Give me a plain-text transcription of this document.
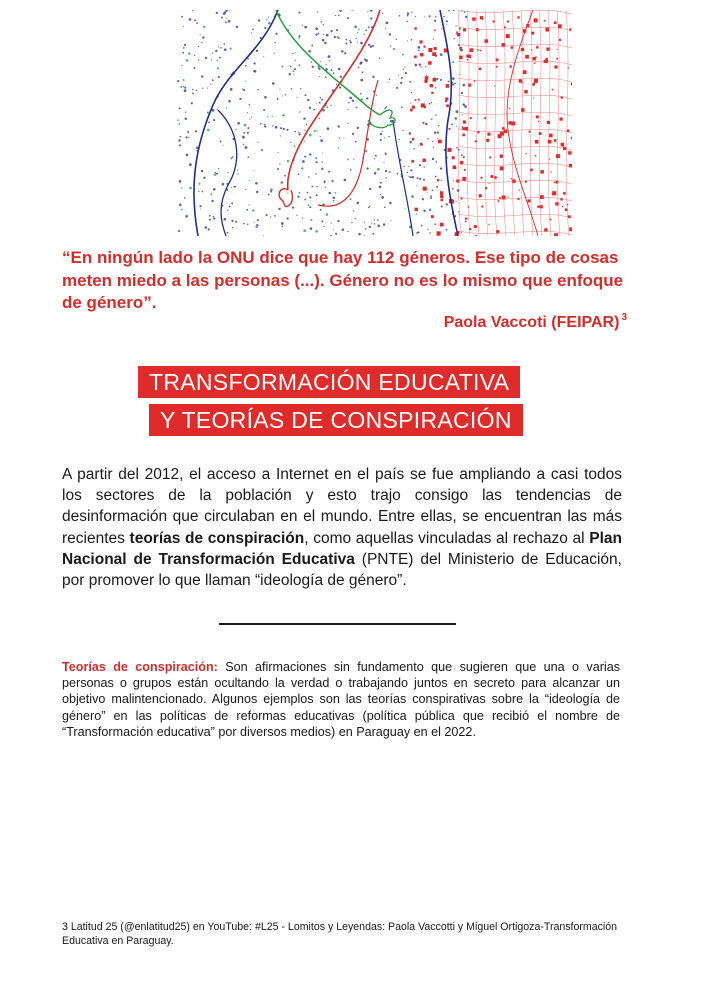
“En ningún lado la ONU dice que hay 112 géneros. Ese tipo de cosas meten miedo a las personas (...). Género no es lo mismo que enfoque de género”.
Paola Vaccoti (FEIPAR) $^3$
TRANSFORMACIÓN EDUCATIVA
Y TEORÍAS DE CONSPIRACIÓN
A partir del 2012, el acceso a Internet en el país se fue ampliando a casi todos los sectores de la población y esto trajo consigo las tendencias de desinformación que circulaban en el mundo. Entre ellas, se encuentran las más recientes teorías de conspiración, como aquellas vinculadas al rechazo al Plan Nacional de Transformación Educativa (PNTE) del Ministerio de Educación, por promover lo que llaman “ideología de género”.
Teorías de conspiración: Son afirmaciones sin fundamento que sugieren que una o varias personas o grupos están ocultando la verdad o trabajando juntos en secreto para alcanzar un objetivo malintencionado. Algunos ejemplos son las teorías conspirativas sobre la “ideología de género” en las políticas de reformas educativas (política pública que recibió el nombre de “Transformación educativa” por diversos medios) en Paraguay en el 2022.
3 Latitud 25 (@enlatitud25) en YouTube: #L25 - Lomitos y Leyendas: Paola Vaccotti y Miguel Ortigoza-Transformación Educativa en Paraguay.
